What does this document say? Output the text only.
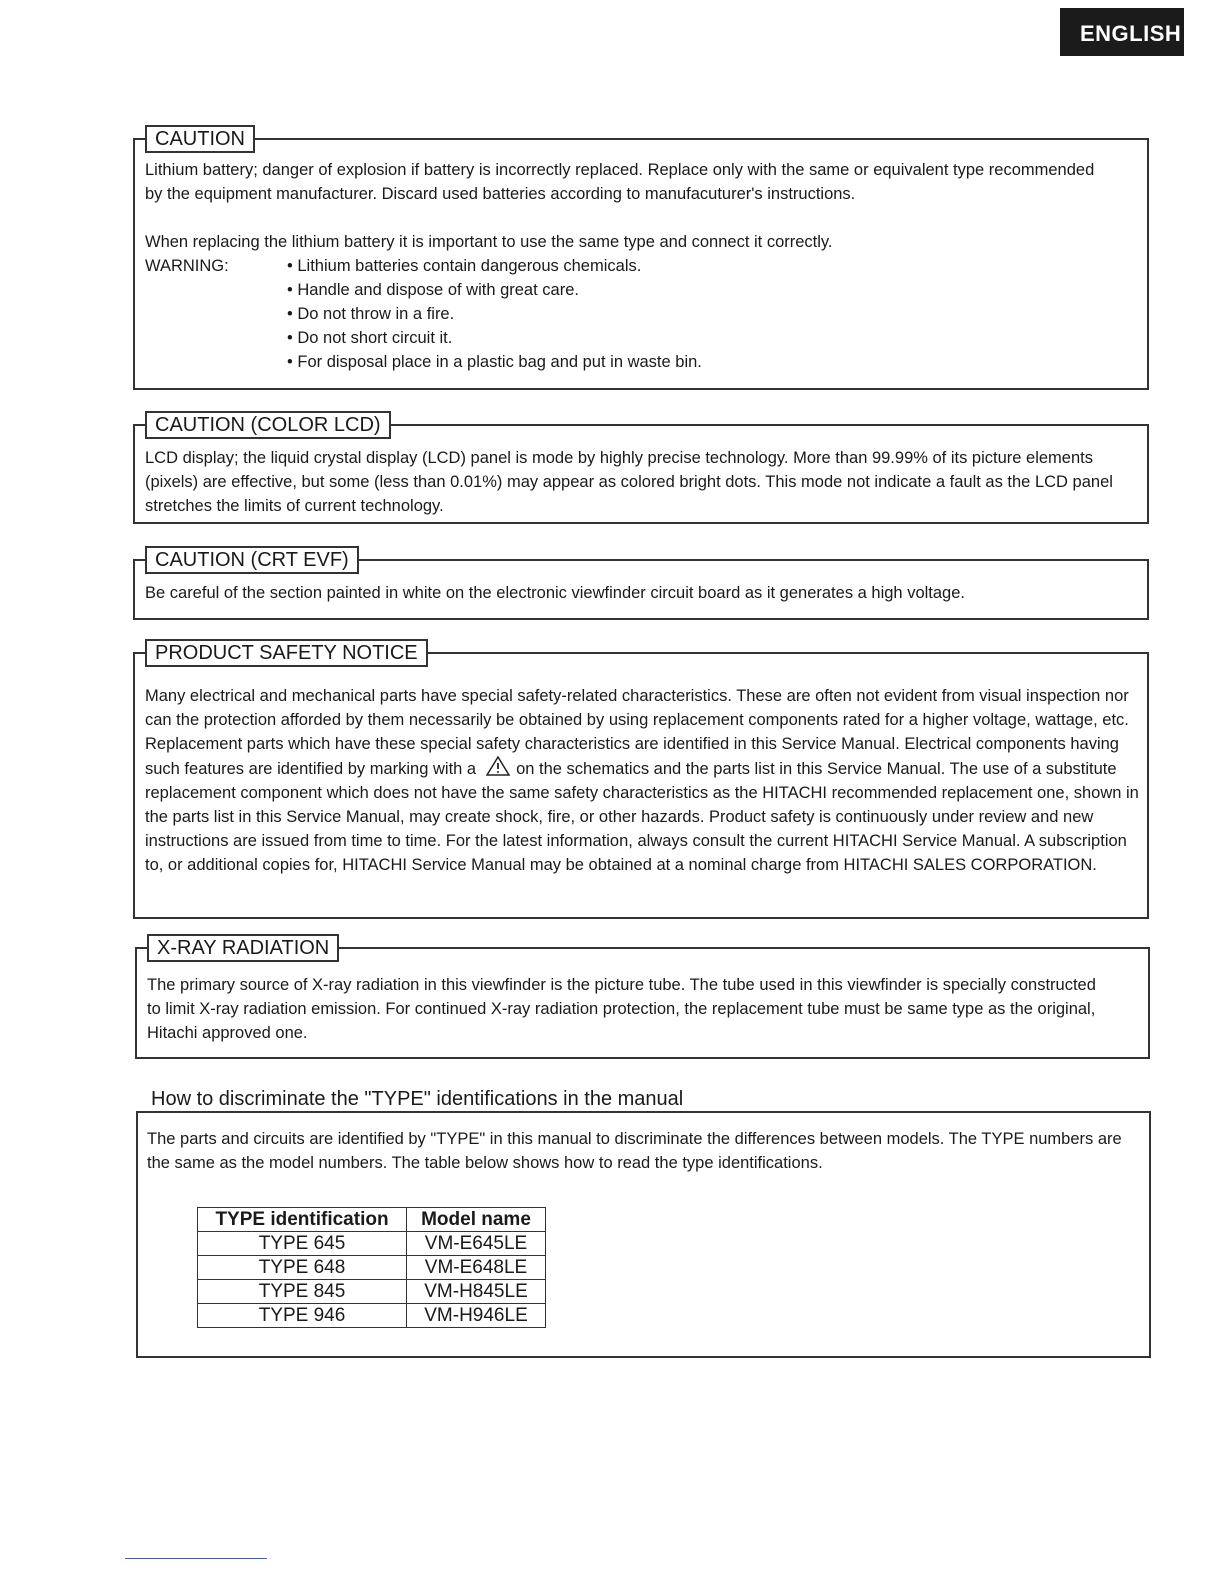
ENGLISH
CAUTION

Lithium battery; danger of explosion if battery is incorrectly replaced. Replace only with the same or equivalent type recommended by the equipment manufacturer. Discard used batteries according to manufacuturer's instructions.

When replacing the lithium battery it is important to use the same type and connect it correctly.

WARNING:	• Lithium batteries contain dangerous chemicals.
• Handle and dispose of with great care.
• Do not throw in a fire.
• Do not short circuit it.
• For disposal place in a plastic bag and put in waste bin.
CAUTION (COLOR LCD)

LCD display; the liquid crystal display (LCD) panel is mode by highly precise technology. More than 99.99% of its picture elements (pixels) are effective, but some (less than 0.01%) may appear as colored bright dots. This mode not indicate a fault as the LCD panel stretches the limits of current technology.

CAUTION (CRT EVF)

Be careful of the section painted in white on the electronic viewfinder circuit board as it generates a high voltage.

PRODUCT SAFETY NOTICE

Many electrical and mechanical parts have special safety-related characteristics. These are often not evident from visual inspection nor can the protection afforded by them necessarily be obtained by using replacement components rated for a higher voltage, wattage, etc. Replacement parts which have these special safety characteristics are identified in this Service Manual. Electrical components having such features are identified by marking with a on the schematics and the parts list in this Service Manual. The use of a substitute replacement component which does not have the same safety characteristics as the HITACHI recommended replacement one, shown in the parts list in this Service Manual, may create shock, fire, or other hazards. Product safety is continuously under review and new instructions are issued from time to time. For the latest information, always consult the current HITACHI Service Manual. A subscription to, or additional copies for, HITACHI Service Manual may be obtained at a nominal charge from HITACHI SALES CORPORATION.

X-RAY RADIATION

The primary source of X-ray radiation in this viewfinder is the picture tube. The tube used in this viewfinder is specially constructed to limit X-ray radiation emission. For continued X-ray radiation protection, the replacement tube must be same type as the original, Hitachi approved one.

How to discriminate the "TYPE" identifications in the manual

The parts and circuits are identified by "TYPE" in this manual to discriminate the differences between models. The TYPE numbers are the same as the model numbers. The table below shows how to read the type identifications.

TYPE identification	Model name
TYPE 645	VM-E645LE
TYPE 648	VM-E648LE
TYPE 845	VM-H845LE
TYPE 946	VM-H946LE
